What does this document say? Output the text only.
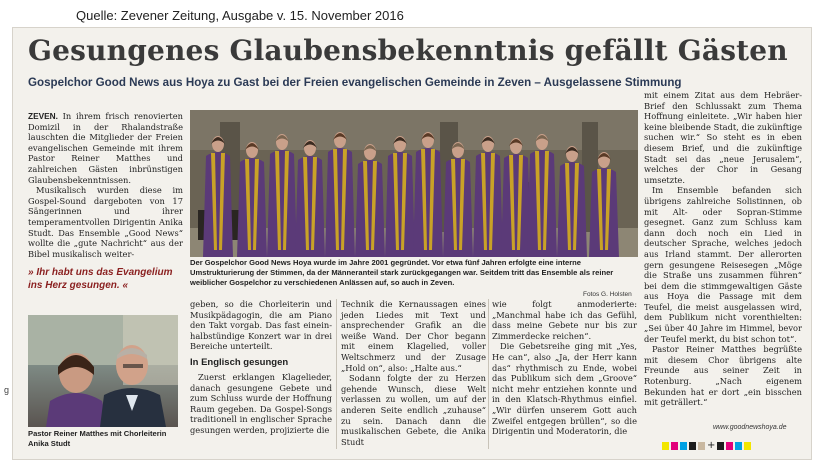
Quelle: Zevener Zeitung, Ausgabe v. 15. November 2016
g
Gesungenes Glaubensbekenntnis gefällt Gästen
Gospelchor Good News aus Hoya zu Gast bei der Freien evangelischen Gemeinde in Zeven – Ausgelassene Stimmung

ZEVEN. In ihrem frisch renovierten Domizil in der Rhalandstraße lauschten die Mitglieder der Freien evangelischen Gemeinde mit ihrem Pastor Reiner Matthes und zahlreichen Gästen inbrünstigen Glaubensbekenntnissen.

Musikalisch wurden diese im Gospel-Sound dargeboten von 17 Sängerinnen und ihrer temperamentvollen Dirigentin Anika Studt. Das Ensemble „Good News“ wollte die „gute Nachricht“ aus der Bibel musikalisch weiter-

» Ihr habt uns das Evangelium ins Herz gesungen. «
Pastor Reiner Matthes mit Chorleiterin Anika Studt
Der Gospelchor Good News Hoya wurde im Jahre 2001 gegründet. Vor etwa fünf Jahren erfolgte eine interne Umstrukturierung der Stimmen, da der Männeranteil stark zurückgegangen war. Seitdem tritt das Ensemble als reiner weiblicher Gospelchor zu verschiedenen Anlässen auf, so auch in Zeven.
Fotos G. Holsten

geben, so die Chorleiterin und Musikpädagogin, die am Piano den Takt vorgab. Das fast einein-halbstündige Konzert war in drei Bereiche unterteilt.

In Englisch gesungen

Zuerst erklangen Klagelieder, danach gesungene Gebete und zum Schluss wurde der Hoffnung Raum gegeben. Da Gospel-Songs traditionell in englischer Sprache gesungen werden, projizierte die

Technik die Kernaussagen eines jeden Liedes mit Text und ansprechender Grafik an die weiße Wand. Der Chor begann mit einem Klagelied, voller Weltschmerz und der Zusage „Hold on“, also: „Halte aus.“

Sodann folgte der zu Herzen gehende Wunsch, diese Welt verlassen zu wollen, um auf der anderen Seite endlich „zuhause“ zu sein. Danach dann die musikalischen Gebete, die Anika Studt

wie folgt anmoderierte: „Manchmal habe ich das Gefühl, dass meine Gebete nur bis zur Zimmerdecke reichen“.

Die Gebetsreihe ging mit „Yes, He can“, also „Ja, der Herr kann das“ rhythmisch zu Ende, wobei das Publikum sich dem „Groove“ nicht mehr entziehen konnte und in den Klatsch-Rhythmus einfiel. „Wir dürfen unserem Gott auch Zweifel entgegen brüllen“, so die Dirigentin und Moderatorin, die

mit einem Zitat aus dem Hebräer-Brief den Schlussakt zum Thema Hoffnung einleitete. „Wir haben hier keine bleibende Stadt, die zukünftige suchen wir.“ So steht es in eben diesem Brief, und die zukünftige Stadt sei das „neue Jerusalem“, welches der Chor in Gesang umsetzte.

Im Ensemble befanden sich übrigens zahlreiche Solistinnen, ob mit Alt- oder Sopran-Stimme gesegnet. Ganz zum Schluss kam dann doch noch ein Lied in deutscher Sprache, welches jedoch aus Irland stammt. Der allerorten gern gesungene Reisesegen „Möge die Straße uns zusammen führen“ bei dem die stimmgewaltigen Gäste aus Hoya die Passage mit dem Teufel, die meist ausgelassen wird, dem Publikum nicht vorenthielten: „Sei über 40 Jahre im Himmel, bevor der Teufel merkt, du bist schon tot“.

Pastor Reiner Matthes begrüßte mit diesem Chor übrigens alte Freunde aus seiner Zeit in Rotenburg. „Nach eigenem Bekunden hat er dort „ein bisschen mit geträllert.“

www.goodnewshoya.de
+
